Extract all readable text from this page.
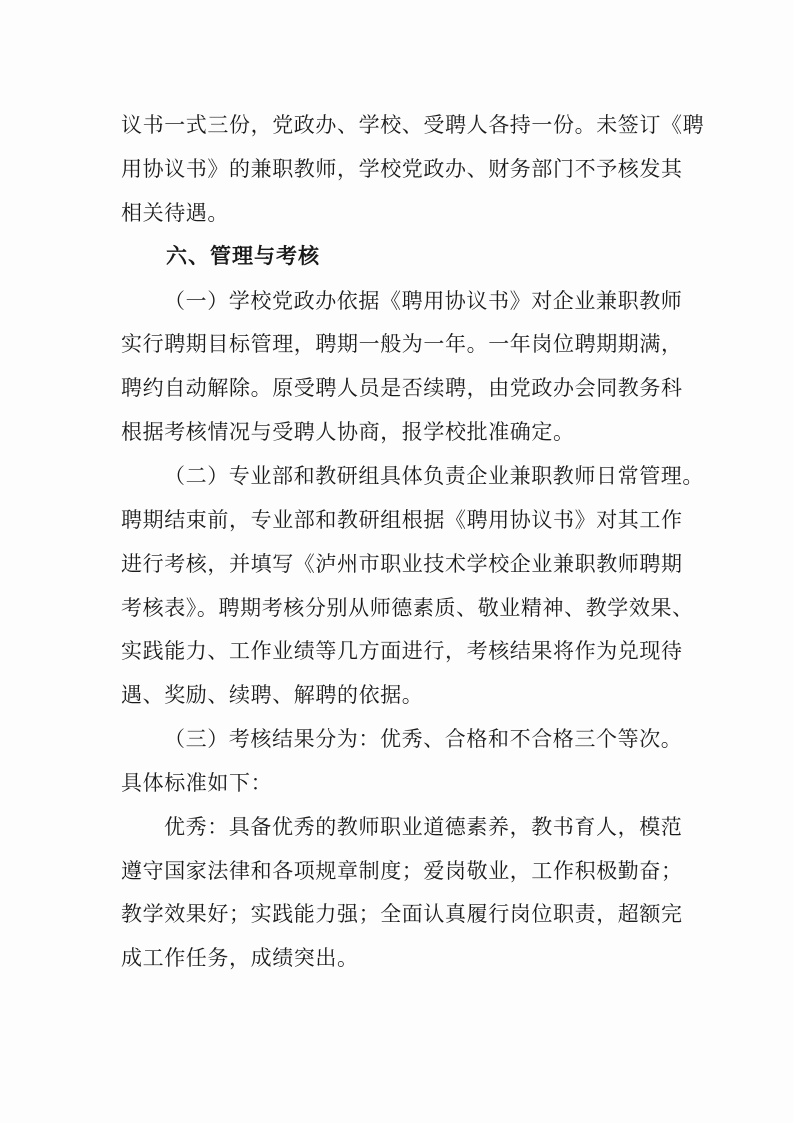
议书一式三份，党政办、学校、受聘人各持一份。未签订《聘
用协议书》的兼职教师，学校党政办、财务部门不予核发其
相关待遇。
六、管理与考核
（一）学校党政办依据《聘用协议书》对企业兼职教师
实行聘期目标管理，聘期一般为一年。一年岗位聘期期满，
聘约自动解除。原受聘人员是否续聘，由党政办会同教务科
根据考核情况与受聘人协商，报学校批准确定。
（二）专业部和教研组具体负责企业兼职教师日常管理。
聘期结束前，专业部和教研组根据《聘用协议书》对其工作
进行考核，并填写《泸州市职业技术学校企业兼职教师聘期
考核表》。聘期考核分别从师德素质、敬业精神、教学效果、
实践能力、工作业绩等几方面进行，考核结果将作为兑现待
遇、奖励、续聘、解聘的依据。
（三）考核结果分为：优秀、合格和不合格三个等次。
具体标准如下：
优秀：具备优秀的教师职业道德素养，教书育人，模范
遵守国家法律和各项规章制度；爱岗敬业，工作积极勤奋；
教学效果好；实践能力强；全面认真履行岗位职责，超额完
成工作任务，成绩突出。
